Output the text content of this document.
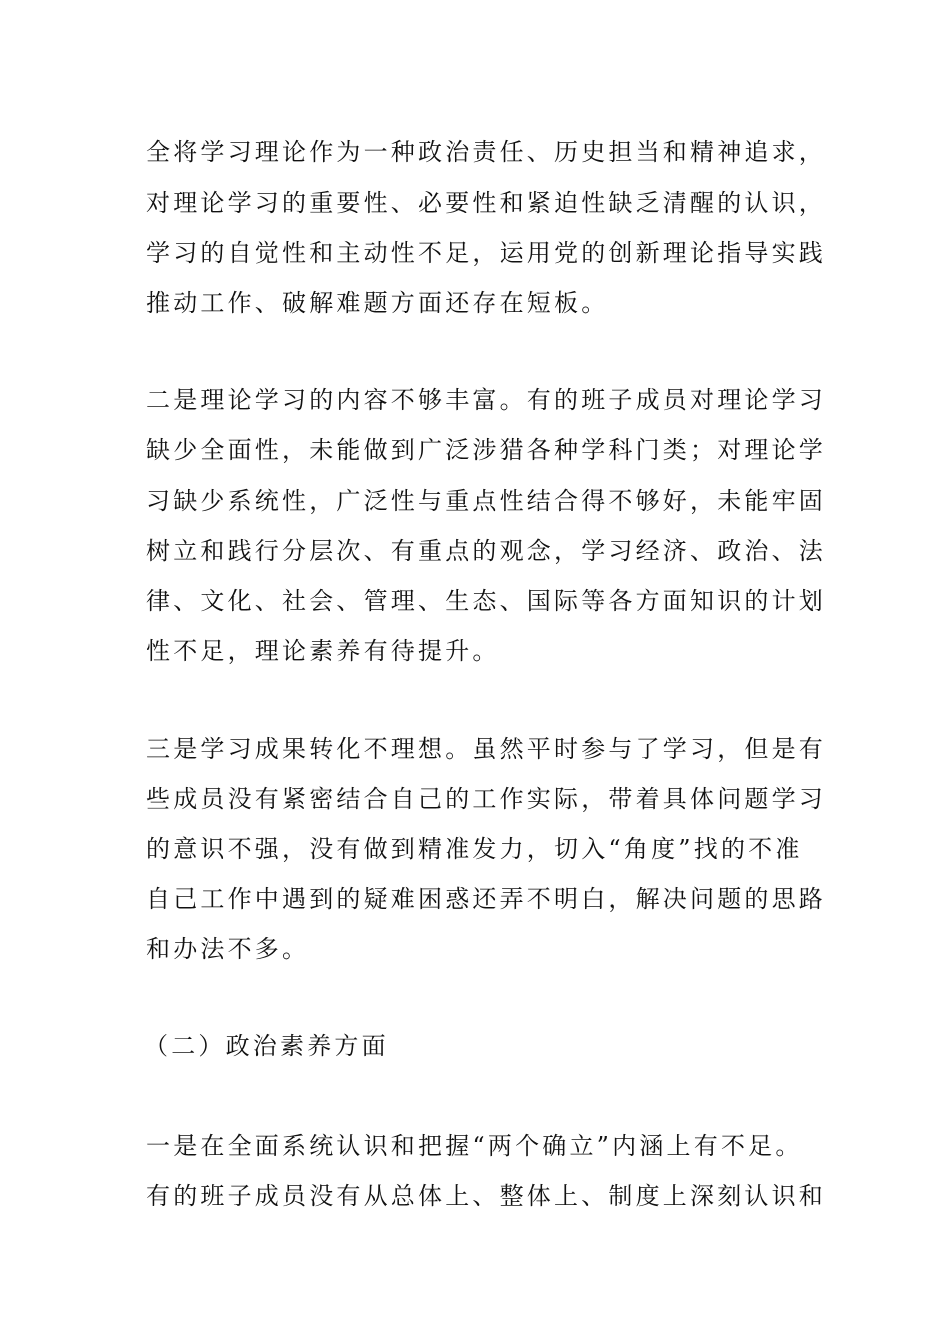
全将学习理论作为一种政治责任、历史担当和精神追求，
对理论学习的重要性、必要性和紧迫性缺乏清醒的认识，
学习的自觉性和主动性不足，运用党的创新理论指导实践
推动工作、破解难题方面还存在短板。
二是理论学习的内容不够丰富。有的班子成员对理论学习
缺少全面性，未能做到广泛涉猎各种学科门类；对理论学
习缺少系统性，广泛性与重点性结合得不够好，未能牢固
树立和践行分层次、有重点的观念，学习经济、政治、法
律、文化、社会、管理、生态、国际等各方面知识的计划
性不足，理论素养有待提升。
三是学习成果转化不理想。虽然平时参与了学习，但是有
些成员没有紧密结合自己的工作实际，带着具体问题学习
的意识不强，没有做到精准发力，切入“角度”找的不准
自己工作中遇到的疑难困惑还弄不明白，解决问题的思路
和办法不多。
（二）政治素养方面
一是在全面系统认识和把握“两个确立”内涵上有不足。
有的班子成员没有从总体上、整体上、制度上深刻认识和
